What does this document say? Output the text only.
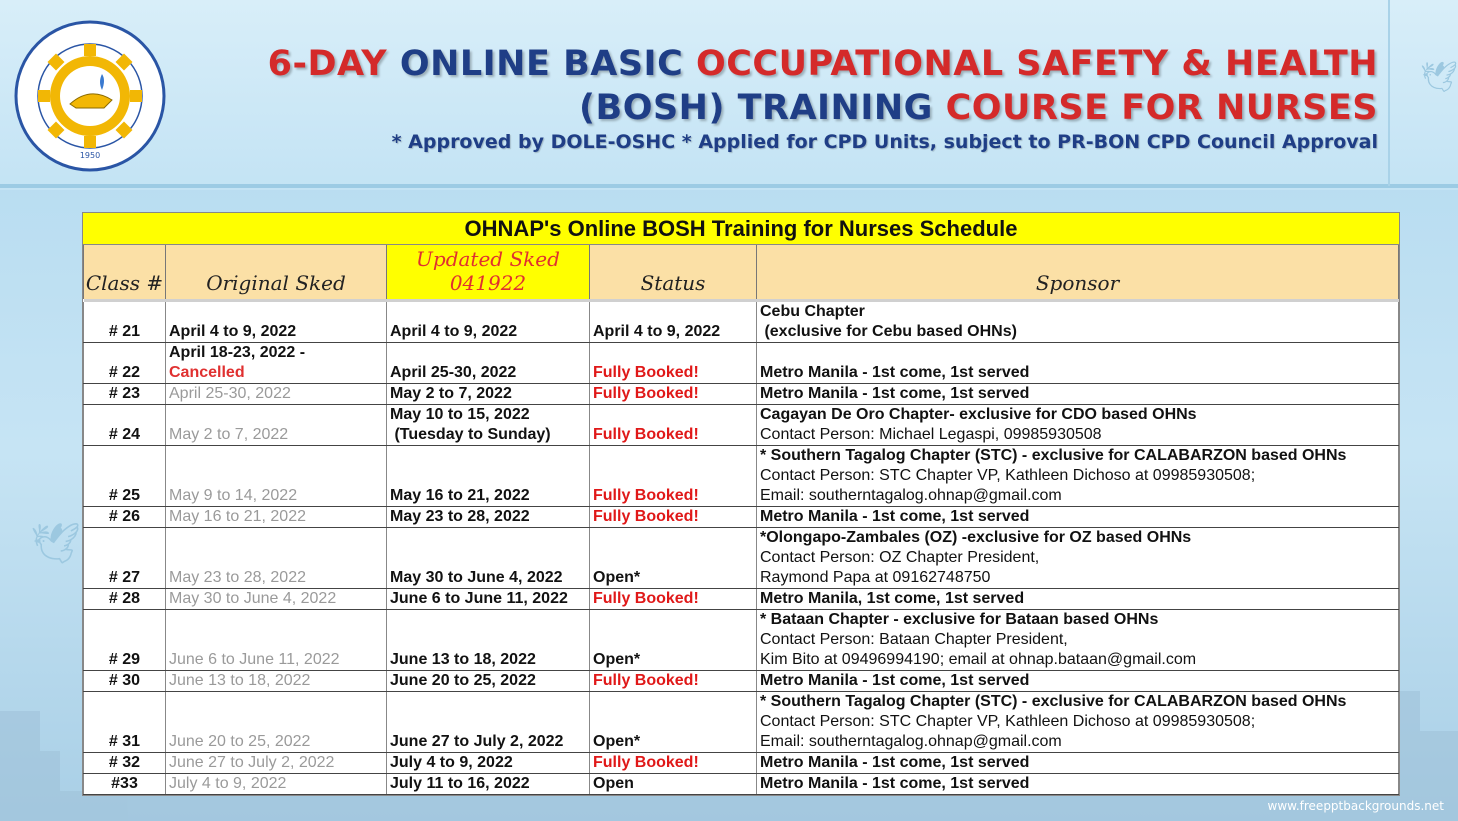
🕊
🕊
1950
6-DAY ONLINE BASIC OCCUPATIONAL SAFETY & HEALTH
(BOSH) TRAINING COURSE FOR NURSES
* Approved by DOLE-OSHC * Applied for CPD Units, subject to PR-BON CPD Council Approval
OHNAP's Online BOSH Training for Nurses Schedule
Class #	Original Sked	Updated Sked 041922	Status	Sponsor

# 21	April 4 to 9, 2022	April 4 to 9, 2022	April 4 to 9, 2022	Cebu Chapter
(exclusive for Cebu based OHNs)

# 22	April 18-23, 2022 -
Cancelled	April 25-30, 2022	Fully Booked!	Metro Manila - 1st come, 1st served

# 23	April 25-30, 2022	May 2 to 7, 2022	Fully Booked!	Metro Manila - 1st come, 1st served

# 24	May 2 to 7, 2022	May 10 to 15, 2022
(Tuesday to Sunday)	Fully Booked!	Cagayan De Oro Chapter- exclusive for CDO based OHNs
Contact Person: Michael Legaspi, 09985930508

# 25	May 9 to 14, 2022	May 16 to 21, 2022	Fully Booked!	* Southern Tagalog Chapter (STC) - exclusive for CALABARZON based OHNs
Contact Person: STC Chapter VP, Kathleen Dichoso at 09985930508;
Email: southerntagalog.ohnap@gmail.com

# 26	May 16 to 21, 2022	May 23 to 28, 2022	Fully Booked!	Metro Manila - 1st come, 1st served

# 27	May 23 to 28, 2022	May 30 to June 4, 2022	Open*	*Olongapo-Zambales (OZ) -exclusive for OZ based OHNs
Contact Person: OZ Chapter President,
Raymond Papa at 09162748750

# 28	May 30 to June 4, 2022	June 6 to June 11, 2022	Fully Booked!	Metro Manila, 1st come, 1st served

# 29	June 6 to June 11, 2022	June 13 to 18, 2022	Open*	* Bataan Chapter - exclusive for Bataan based OHNs
Contact Person: Bataan Chapter President,
Kim Bito at 09496994190; email at ohnap.bataan@gmail.com

# 30	June 13 to 18, 2022	June 20 to 25, 2022	Fully Booked!	Metro Manila - 1st come, 1st served

# 31	June 20 to 25, 2022	June 27 to July 2, 2022	Open*	* Southern Tagalog Chapter (STC) - exclusive for CALABARZON based OHNs
Contact Person: STC Chapter VP, Kathleen Dichoso at 09985930508;
Email: southerntagalog.ohnap@gmail.com

# 32	June 27 to July 2, 2022	July 4 to 9, 2022	Fully Booked!	Metro Manila - 1st come, 1st served

#33	July 4 to 9, 2022	July 11 to 16, 2022	Open	Metro Manila - 1st come, 1st served
www.freepptbackgrounds.net
